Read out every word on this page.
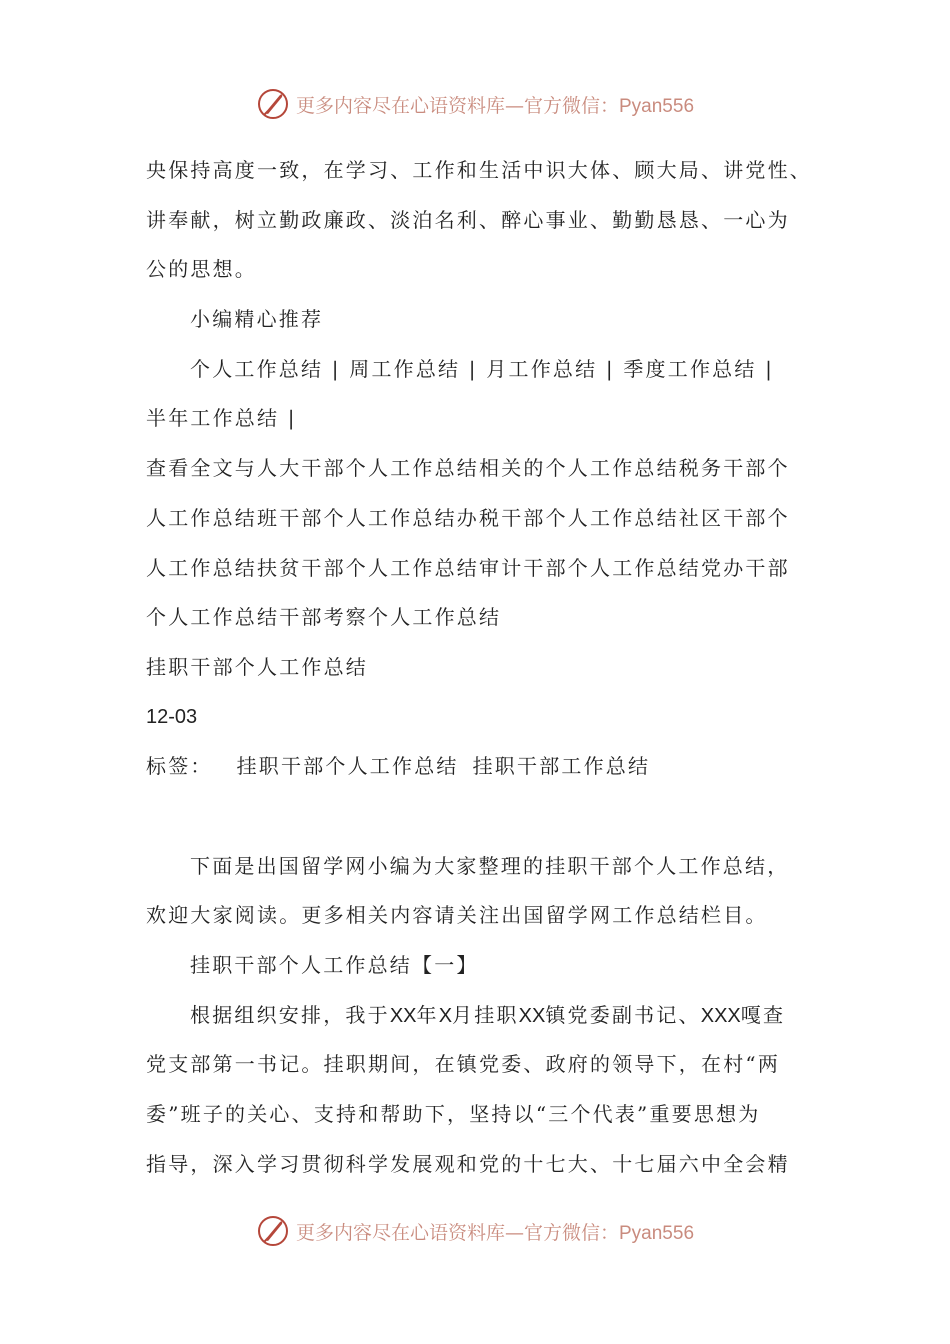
更多内容尽在心语资料库—官方微信：Pyan556
央保持高度一致，在学习、工作和生活中识大体、顾大局、讲党性、
讲奉献，树立勤政廉政、淡泊名利、醉心事业、勤勤恳恳、一心为
公的思想。
小编精心推荐
个人工作总结 | 周工作总结 | 月工作总结 | 季度工作总结 |
半年工作总结 |
查看全文与人大干部个人工作总结相关的个人工作总结税务干部个
人工作总结班干部个人工作总结办税干部个人工作总结社区干部个
人工作总结扶贫干部个人工作总结审计干部个人工作总结党办干部
个人工作总结干部考察个人工作总结
挂职干部个人工作总结
12-03
标签： 挂职干部个人工作总结 挂职干部工作总结
下面是出国留学网小编为大家整理的挂职干部个人工作总结，
欢迎大家阅读。更多相关内容请关注出国留学网工作总结栏目。
挂职干部个人工作总结【一】
根据组织安排，我于XX年X月挂职XX镇党委副书记、XXX嘎查
党支部第一书记。挂职期间，在镇党委、政府的领导下，在村“两
委”班子的关心、支持和帮助下，坚持以“三个代表”重要思想为
指导，深入学习贯彻科学发展观和党的十七大、十七届六中全会精
更多内容尽在心语资料库—官方微信：Pyan556
